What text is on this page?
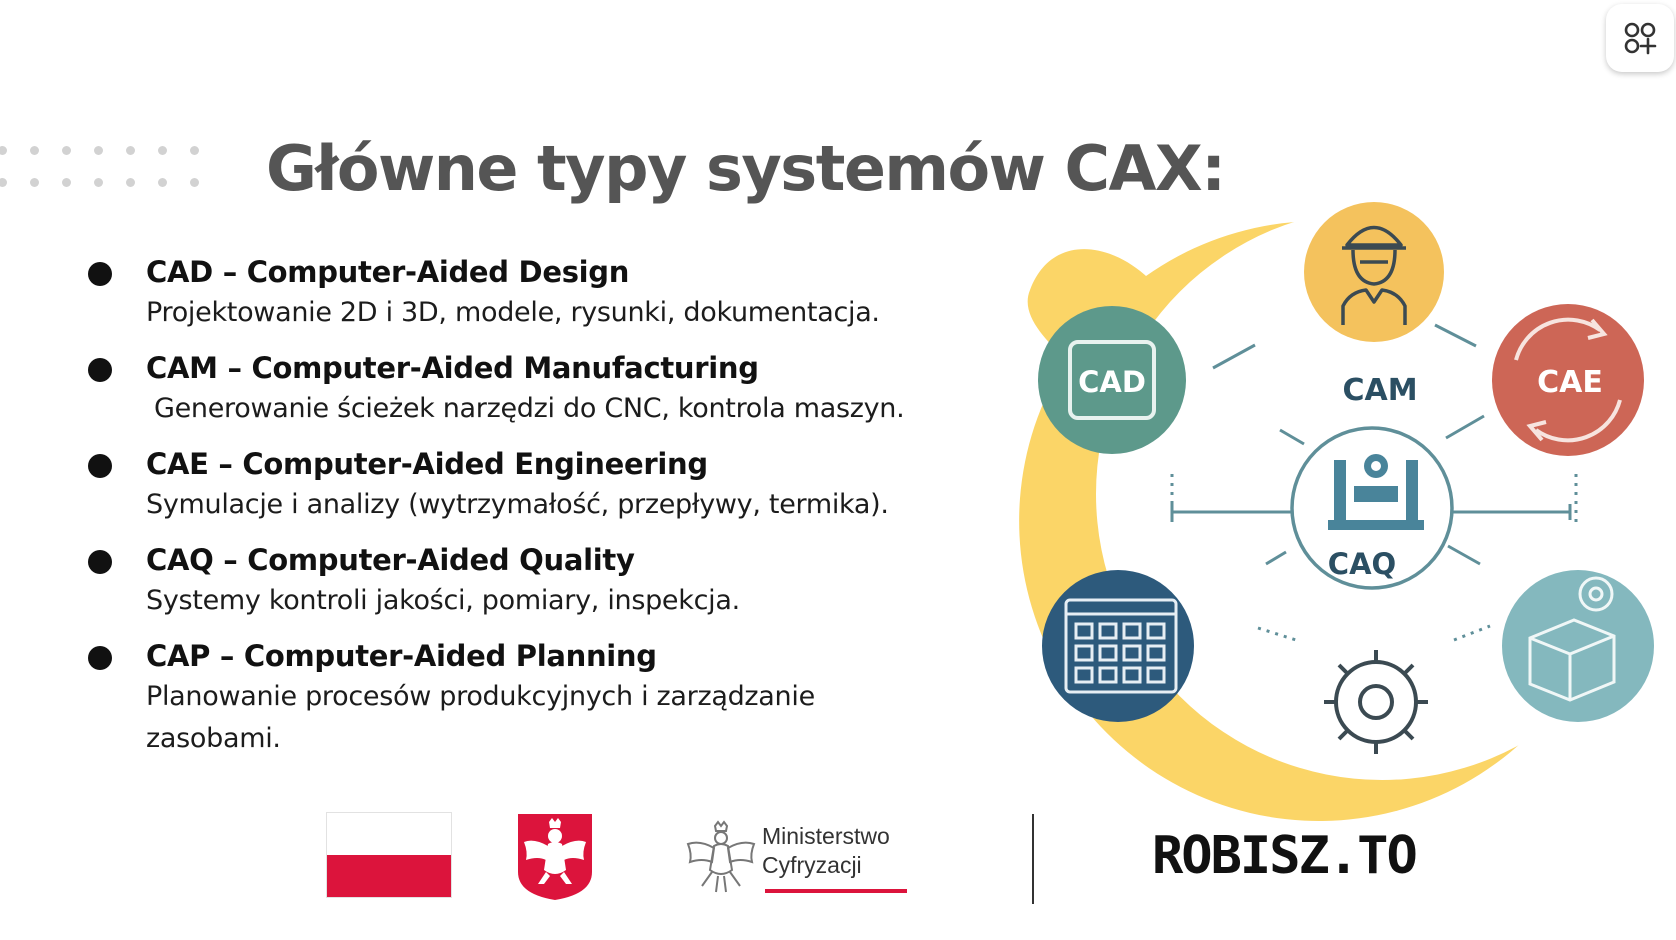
Główne typy systemów CAX:
CAD – Computer-Aided Design
Projektowanie 2D i 3D, modele, rysunki, dokumentacja.
CAM – Computer-Aided Manufacturing
Generowanie ścieżek narzędzi do CNC, kontrola maszyn.
CAE – Computer-Aided Engineering
Symulacje i analizy (wytrzymałość, przepływy, termika).
CAQ – Computer-Aided Quality
Systemy kontroli jakości, pomiary, inspekcja.
CAP – Computer-Aided Planning
Planowanie procesów produkcyjnych i zarządzanie zasobami.
CAD	CAE
CAM
CAQ
Ministerstwo
Cyfryzacji	ROBISZ.TO
